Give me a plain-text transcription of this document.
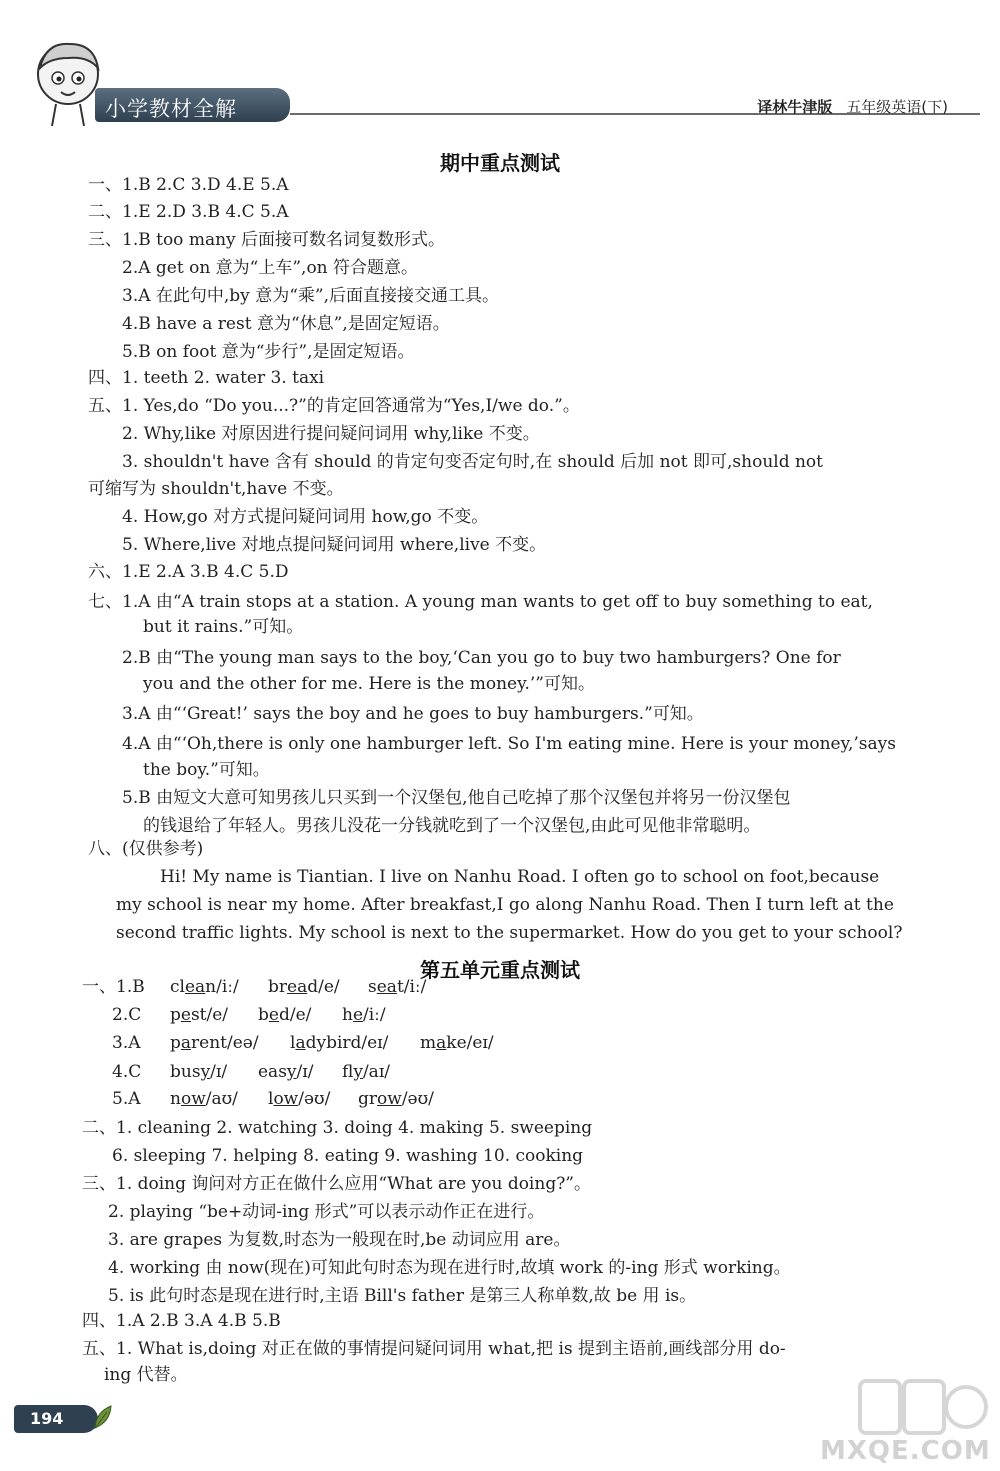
小学教材全解	译林牛津版 五年级英语(下)
期中重点测试
一、1.B 2.C 3.D 4.E 5.A
二、1.E 2.D 3.B 4.C 5.A
三、1.B too many 后面接可数名词复数形式。
2.A get on 意为“上车”,on 符合题意。
3.A 在此句中,by 意为“乘”,后面直接接交通工具。
4.B have a rest 意为“休息”,是固定短语。
5.B on foot 意为“步行”,是固定短语。
四、1. teeth 2. water 3. taxi
五、1. Yes,do “Do you...?”的肯定回答通常为“Yes,I/we do.”。
2. Why,like 对原因进行提问疑问词用 why,like 不变。
3. shouldn't have 含有 should 的肯定句变否定句时,在 should 后加 not 即可,should not
可缩写为 shouldn't,have 不变。
4. How,go 对方式提问疑问词用 how,go 不变。
5. Where,live 对地点提问疑问词用 where,live 不变。
六、1.E 2.A 3.B 4.C 5.D
七、1.A 由“A train stops at a station. A young man wants to get off to buy something to eat,
but it rains.”可知。
2.B 由“The young man says to the boy,‘Can you go to buy two hamburgers? One for
you and the other for me. Here is the money.’”可知。
3.A 由“‘Great!’ says the boy and he goes to buy hamburgers.”可知。
4.A 由“‘Oh,there is only one hamburger left. So I'm eating mine. Here is your money,’says
the boy.”可知。
5.B 由短文大意可知男孩儿只买到一个汉堡包,他自己吃掉了那个汉堡包并将另一份汉堡包
的钱退给了年轻人。男孩儿没花一分钱就吃到了一个汉堡包,由此可见他非常聪明。
八、(仅供参考)
Hi! My name is Tiantian. I live on Nanhu Road. I often go to school on foot,because
my school is near my home. After breakfast,I go along Nanhu Road. Then I turn left at the
second traffic lights. My school is next to the supermarket. How do you get to your school?
第五单元重点测试
一、1.B clean/iː/ bread/e/ seat/iː/
2.C pest/e/ bed/e/ he/iː/
3.A parent/eə/ ladybird/eɪ/ make/eɪ/
4.C busy/ɪ/ easy/ɪ/ fly/aɪ/
5.A now/aʊ/ low/əʊ/ grow/əʊ/
二、1. cleaning 2. watching 3. doing 4. making 5. sweeping
6. sleeping 7. helping 8. eating 9. washing 10. cooking
三、1. doing 询问对方正在做什么应用“What are you doing?”。
2. playing “be+动词-ing 形式”可以表示动作正在进行。
3. are grapes 为复数,时态为一般现在时,be 动词应用 are。
4. working 由 now(现在)可知此句时态为现在进行时,故填 work 的-ing 形式 working。
5. is 此句时态是现在进行时,主语 Bill's father 是第三人称单数,故 be 用 is。
四、1.A 2.B 3.A 4.B 5.B
五、1. What is,doing 对正在做的事情提问疑问词用 what,把 is 提到主语前,画线部分用 do-
ing 代替。
194
MXQE.COM
